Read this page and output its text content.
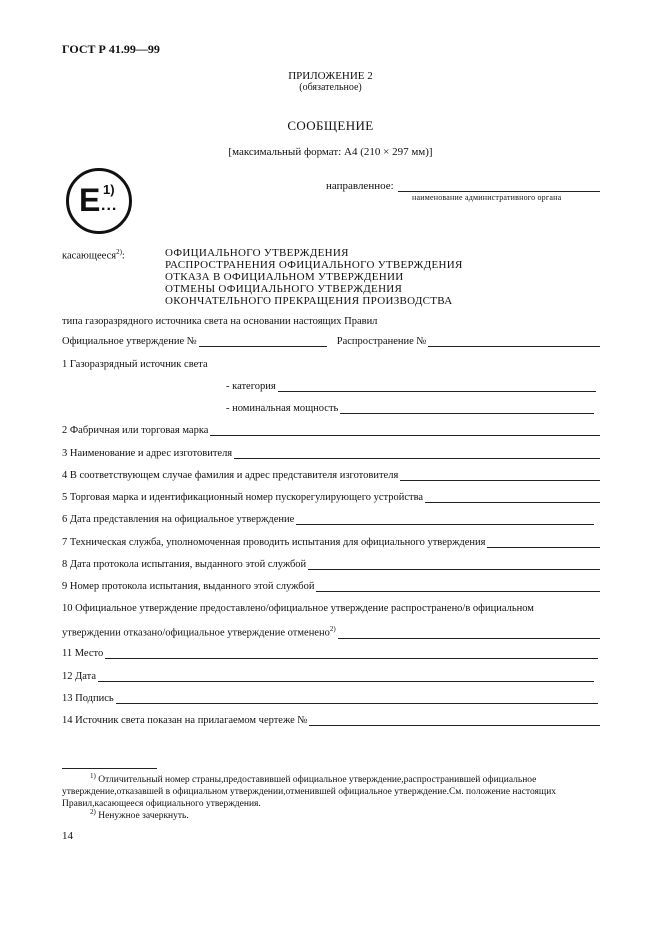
ГОСТ Р 41.99—99
ПРИЛОЖЕНИЕ 2
(обязательное)
СООБЩЕНИЕ
[максимальный формат: А4 (210 × 297 мм)]
E 1)
...
направленное:
наименование административного органа
касающееся$^{2)}$:	ОФИЦИАЛЬНОГО УТВЕРЖДЕНИЯ
РАСПРОСТРАНЕНИЯ ОФИЦИАЛЬНОГО УТВЕРЖДЕНИЯ
ОТКАЗА В ОФИЦИАЛЬНОМ УТВЕРЖДЕНИИ
ОТМЕНЫ ОФИЦИАЛЬНОГО УТВЕРЖДЕНИЯ
ОКОНЧАТЕЛЬНОГО ПРЕКРАЩЕНИЯ ПРОИЗВОДСТВА
типа газоразрядного источника света на основании настоящих Правил
Официальное утверждение №	Распространение №
1 Газоразрядный источник света
- категория
- номинальная мощность
2 Фабричная или торговая марка
3 Наименование и адрес изготовителя
4 В соответствующем случае фамилия и адрес представителя изготовителя
5 Торговая марка и идентификационный номер пускорегулирующего устройства
6 Дата представления на официальное утверждение
7 Техническая служба, уполномоченная проводить испытания для официального утверждения
8 Дата протокола испытания, выданного этой службой
9 Номер протокола испытания, выданного этой службой
10 Официальное утверждение предоставлено/официальное утверждение распространено/в официальном
утверждении отказано/официальное утверждение отменено$^{2)}$
11 Место
12 Дата
13 Подпись
14 Источник света показан на прилагаемом чертеже №
$^{1)}$ Отличительный номер страны,предоставившей официальное утверждение,распространившей официальное утверждение,отказавшей в официальном утверждении,отменившей официальное утверждение.См. положение настоящих Правил,касающееся официального утверждения.
$^{2)}$ Ненужное зачеркнуть.
14
